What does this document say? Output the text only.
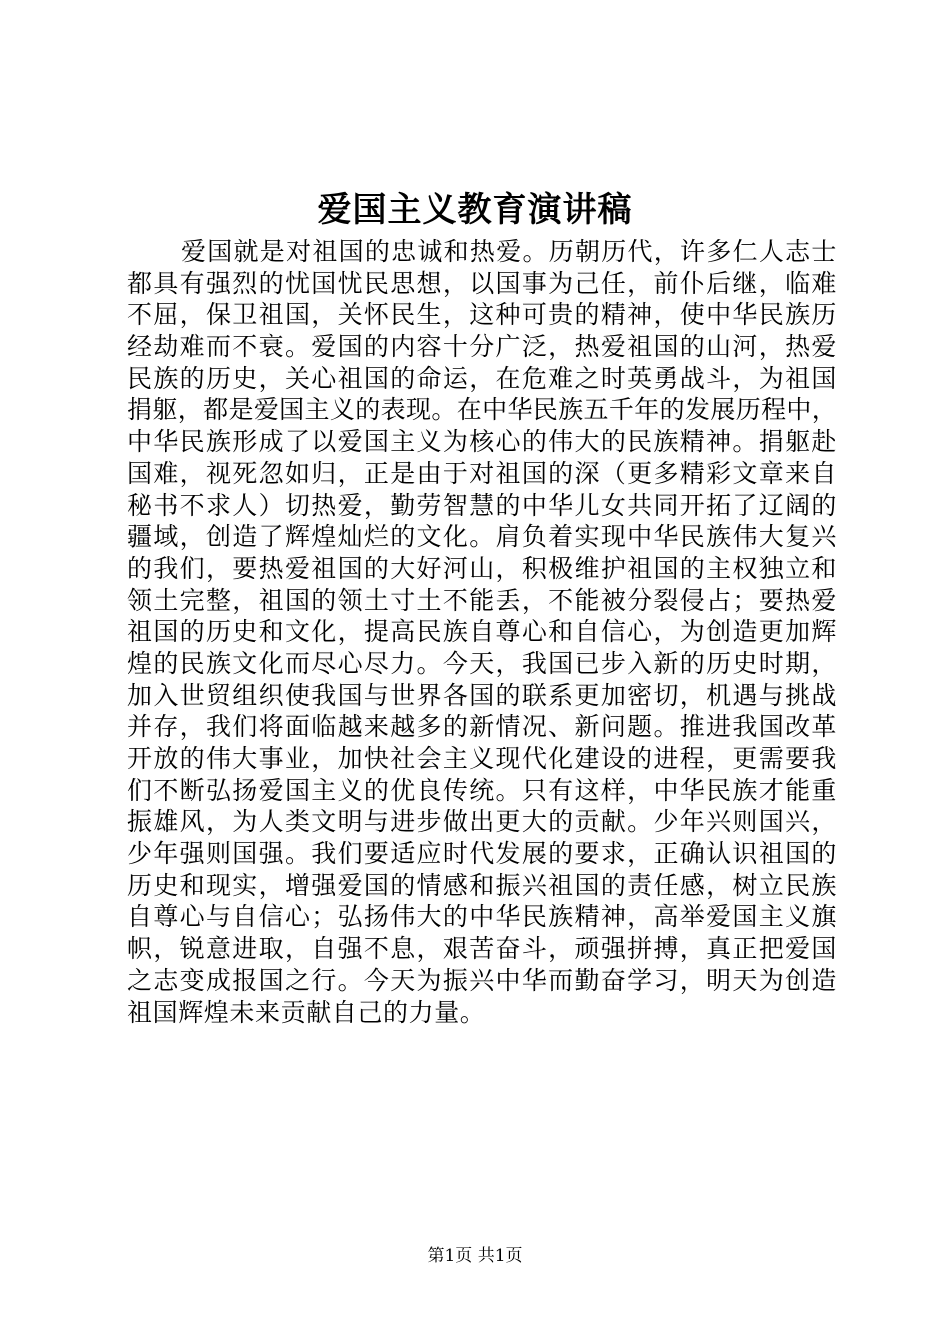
爱国主义教育演讲稿
爱国就是对祖国的忠诚和热爱。历朝历代，许多仁人志士
都具有强烈的忧国忧民思想，以国事为己任，前仆后继，临难
不屈，保卫祖国，关怀民生，这种可贵的精神，使中华民族历
经劫难而不衰。爱国的内容十分广泛，热爱祖国的山河，热爱
民族的历史，关心祖国的命运，在危难之时英勇战斗，为祖国
捐躯，都是爱国主义的表现。在中华民族五千年的发展历程中，
中华民族形成了以爱国主义为核心的伟大的民族精神。捐躯赴
国难，视死忽如归，正是由于对祖国的深（更多精彩文章来自
秘书不求人）切热爱，勤劳智慧的中华儿女共同开拓了辽阔的
疆域，创造了辉煌灿烂的文化。肩负着实现中华民族伟大复兴
的我们，要热爱祖国的大好河山，积极维护祖国的主权独立和
领土完整，祖国的领土寸土不能丢，不能被分裂侵占；要热爱
祖国的历史和文化，提高民族自尊心和自信心，为创造更加辉
煌的民族文化而尽心尽力。今天，我国已步入新的历史时期，
加入世贸组织使我国与世界各国的联系更加密切，机遇与挑战
并存，我们将面临越来越多的新情况、新问题。推进我国改革
开放的伟大事业，加快社会主义现代化建设的进程，更需要我
们不断弘扬爱国主义的优良传统。只有这样，中华民族才能重
振雄风，为人类文明与进步做出更大的贡献。少年兴则国兴，
少年强则国强。我们要适应时代发展的要求，正确认识祖国的
历史和现实，增强爱国的情感和振兴祖国的责任感，树立民族
自尊心与自信心；弘扬伟大的中华民族精神，高举爱国主义旗
帜，锐意进取，自强不息，艰苦奋斗，顽强拼搏，真正把爱国
之志变成报国之行。今天为振兴中华而勤奋学习，明天为创造
祖国辉煌未来贡献自己的力量。
第1页 共1页
